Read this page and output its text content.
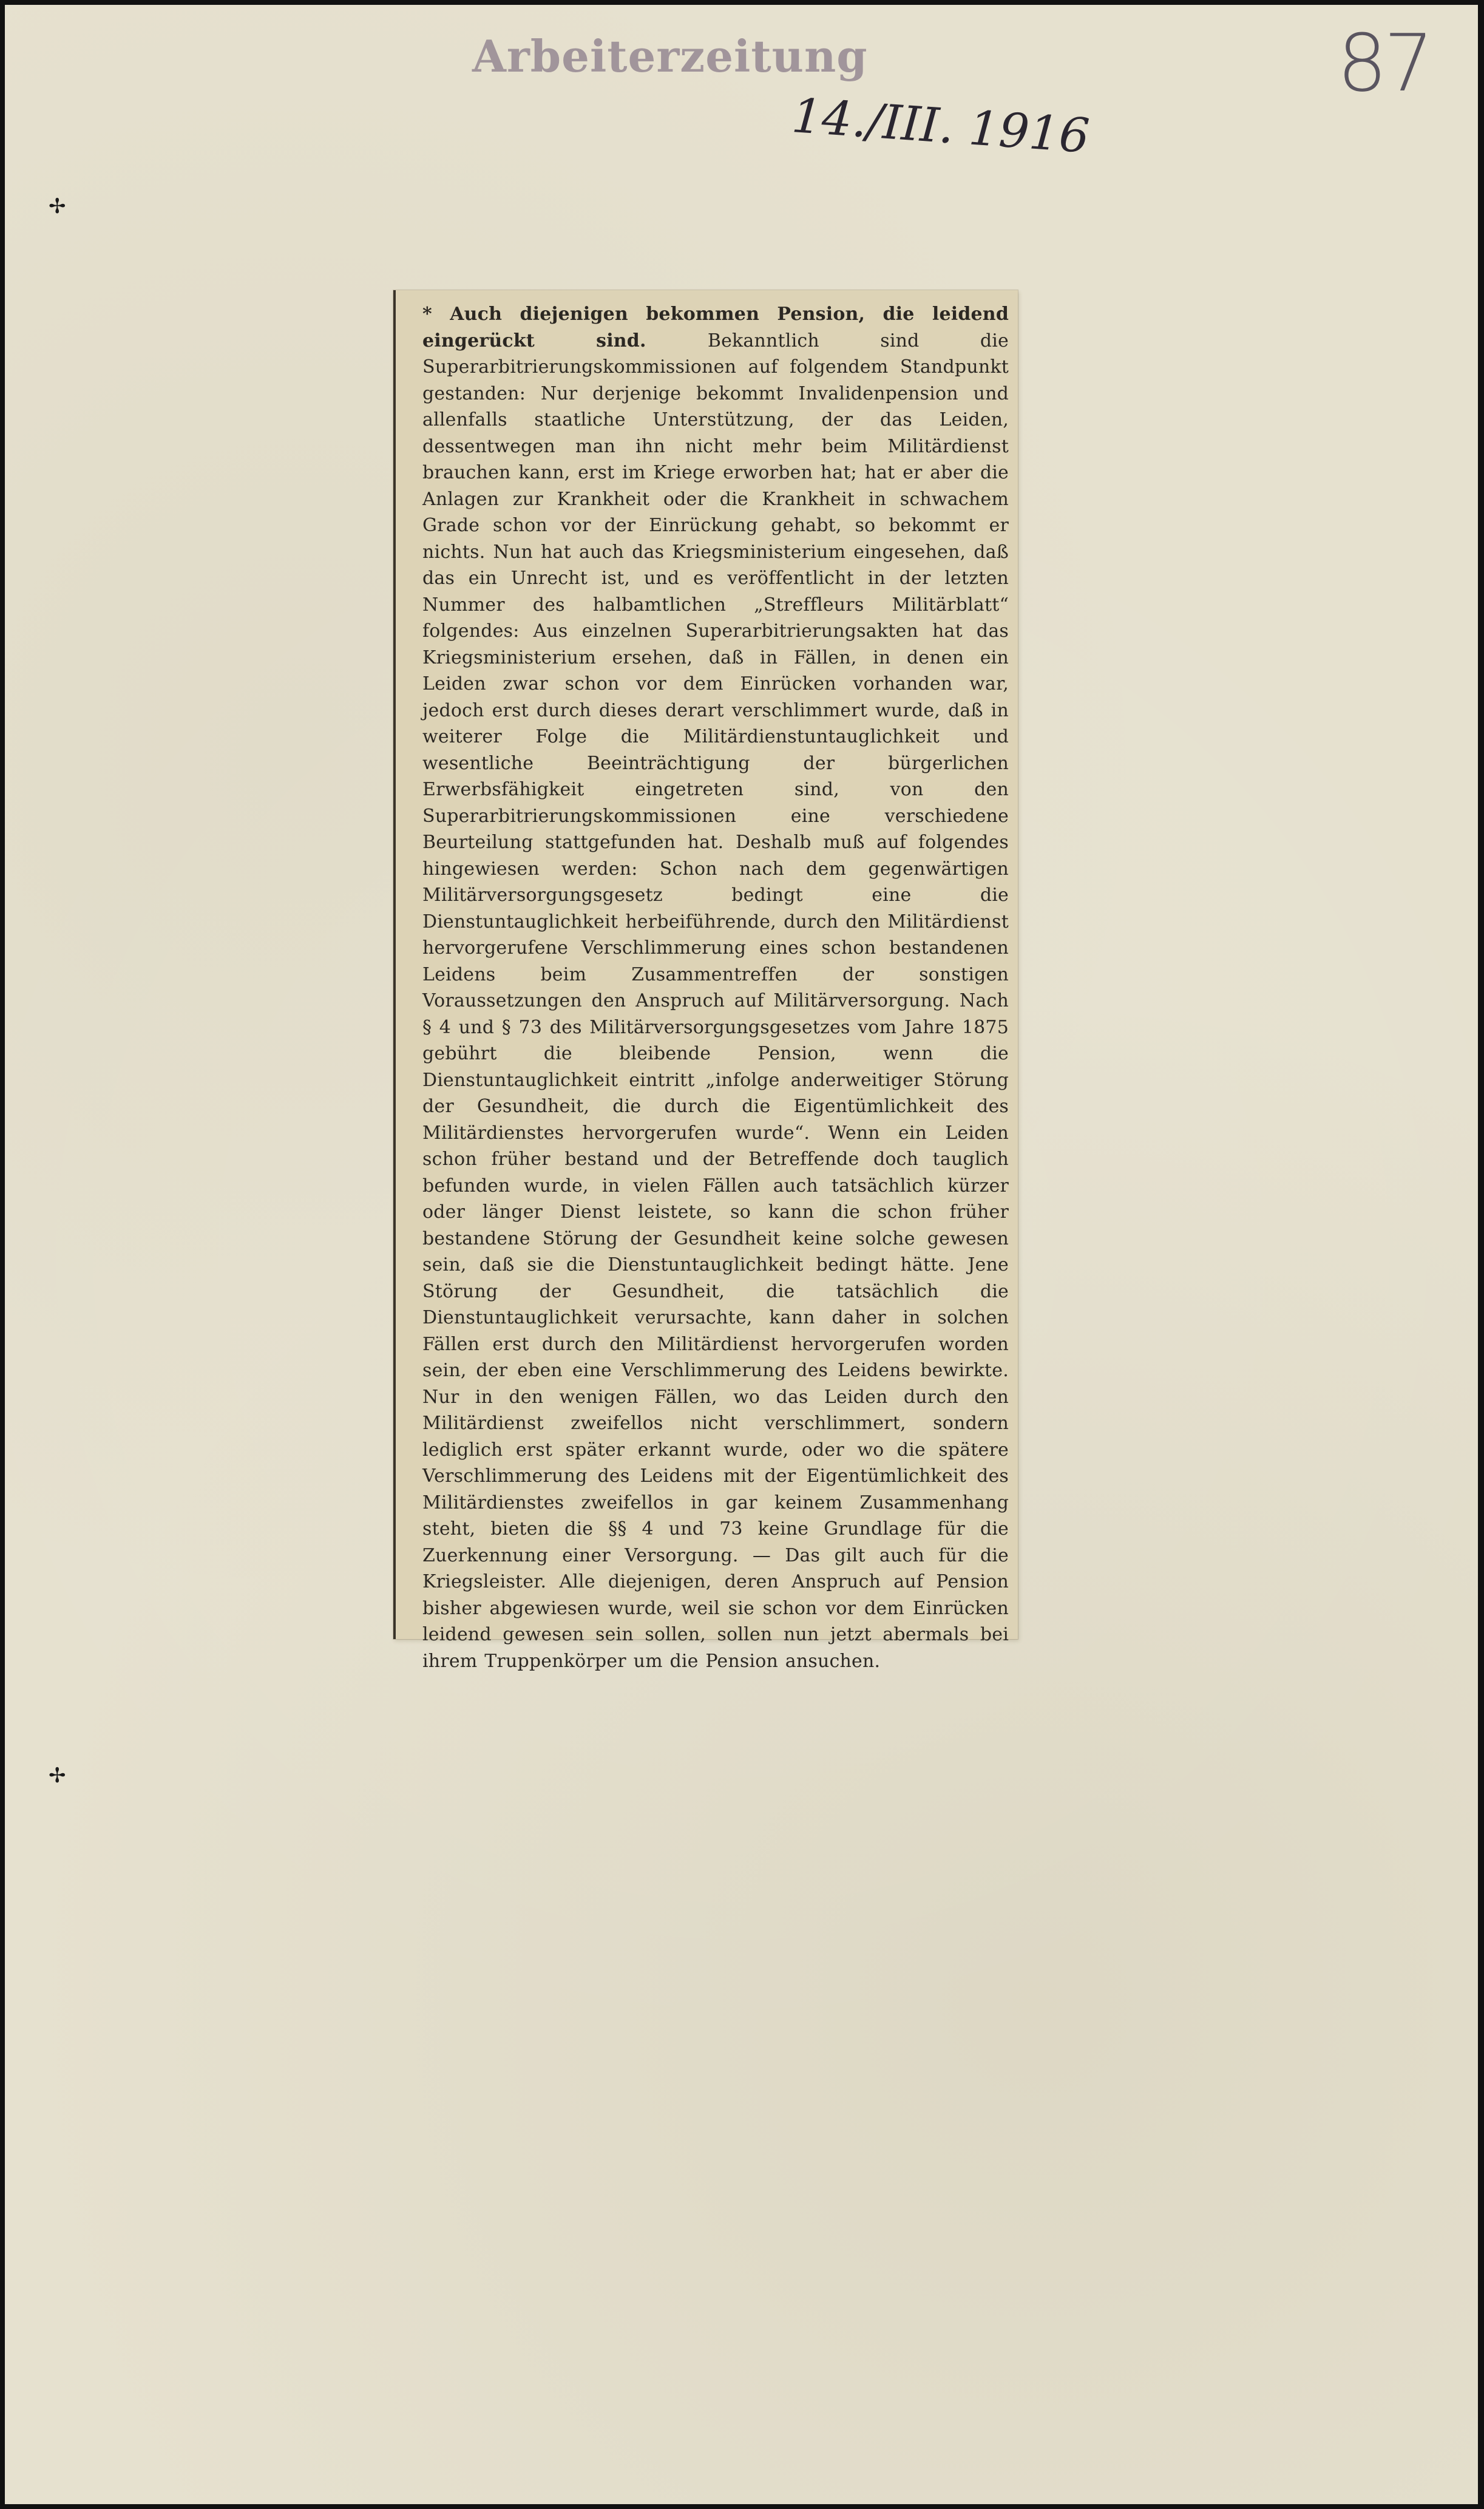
Arbeiterzeitung
14./III. 1916
87
✢
✢
* Auch diejenigen bekommen Pension, die leidend eingerückt sind. Bekanntlich sind die Superarbitrierungskommissionen auf folgendem Standpunkt gestanden: Nur derjenige bekommt Invalidenpension und allenfalls staatliche Unterstützung, der das Leiden, dessentwegen man ihn nicht mehr beim Militärdienst brauchen kann, erst im Kriege erworben hat; hat er aber die Anlagen zur Krankheit oder die Krankheit in schwachem Grade schon vor der Einrückung gehabt, so bekommt er nichts. Nun hat auch das Kriegsministerium eingesehen, daß das ein Unrecht ist, und es veröffentlicht in der letzten Nummer des halbamtlichen „Streffleurs Militärblatt“ folgendes: Aus einzelnen Superarbitrierungsakten hat das Kriegsministerium ersehen, daß in Fällen, in denen ein Leiden zwar schon vor dem Einrücken vorhanden war, jedoch erst durch dieses derart verschlimmert wurde, daß in weiterer Folge die Militärdienstuntauglichkeit und wesentliche Beeinträchtigung der bürgerlichen Erwerbsfähigkeit eingetreten sind, von den Superarbitrierungskommissionen eine verschiedene Beurteilung stattgefunden hat. Deshalb muß auf folgendes hingewiesen werden: Schon nach dem gegenwärtigen Militärversorgungsgesetz bedingt eine die Dienstuntauglichkeit herbeiführende, durch den Militärdienst hervorgerufene Verschlimmerung eines schon bestandenen Leidens beim Zusammentreffen der sonstigen Voraussetzungen den Anspruch auf Militärversorgung. Nach § 4 und § 73 des Militärversorgungsgesetzes vom Jahre 1875 gebührt die bleibende Pension, wenn die Dienstuntauglichkeit eintritt „infolge anderweitiger Störung der Gesundheit, die durch die Eigentümlichkeit des Militärdienstes hervorgerufen wurde“. Wenn ein Leiden schon früher bestand und der Betreffende doch tauglich befunden wurde, in vielen Fällen auch tatsächlich kürzer oder länger Dienst leistete, so kann die schon früher bestandene Störung der Gesundheit keine solche gewesen sein, daß sie die Dienstuntauglichkeit bedingt hätte. Jene Störung der Gesundheit, die tatsächlich die Dienstuntauglichkeit verursachte, kann daher in solchen Fällen erst durch den Militärdienst hervorgerufen worden sein, der eben eine Verschlimmerung des Leidens bewirkte. Nur in den wenigen Fällen, wo das Leiden durch den Militärdienst zweifellos nicht verschlimmert, sondern lediglich erst später erkannt wurde, oder wo die spätere Verschlimmerung des Leidens mit der Eigentümlichkeit des Militärdienstes zweifellos in gar keinem Zusammenhang steht, bieten die §§ 4 und 73 keine Grundlage für die Zuerkennung einer Versorgung. — Das gilt auch für die Kriegsleister. Alle diejenigen, deren Anspruch auf Pension bisher abgewiesen wurde, weil sie schon vor dem Einrücken leidend gewesen sein sollen, sollen nun jetzt abermals bei ihrem Truppenkörper um die Pension ansuchen.
